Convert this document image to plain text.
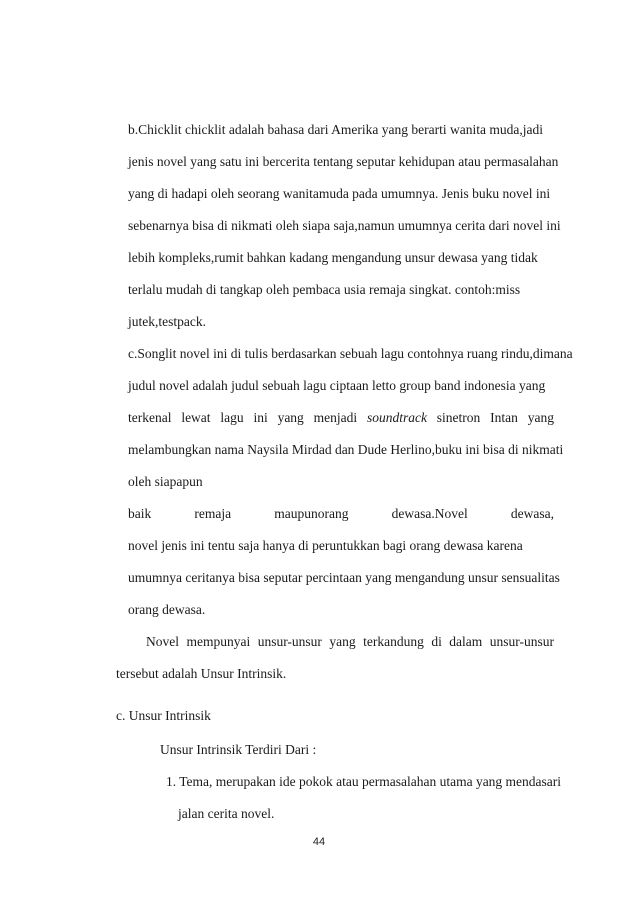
b.Chicklit chicklit adalah bahasa dari Amerika yang berarti wanita muda,jadi
jenis novel yang satu ini bercerita tentang seputar kehidupan atau permasalahan
yang di hadapi oleh seorang wanitamuda pada umumnya. Jenis buku novel ini
sebenarnya bisa di nikmati oleh siapa saja,namun umumnya cerita dari novel ini
lebih kompleks,rumit bahkan kadang mengandung unsur dewasa yang tidak
terlalu mudah di tangkap oleh pembaca usia remaja singkat. contoh:miss
jutek,testpack.
c.Songlit novel ini di tulis berdasarkan sebuah lagu contohnya ruang rindu,dimana
judul novel adalah judul sebuah lagu ciptaan letto group band indonesia yang
terkenal lewat lagu ini yang menjadi soundtrack sinetron Intan yang
melambungkan nama Naysila Mirdad dan Dude Herlino,buku ini bisa di nikmati
oleh siapapun
baik	remaja	maupunorang	dewasa.Novel	dewasa,
novel jenis ini tentu saja hanya di peruntukkan bagi orang dewasa karena
umumnya ceritanya bisa seputar percintaan yang mengandung unsur sensualitas
orang dewasa.
Novel mempunyai unsur-unsur yang terkandung di dalam unsur-unsur
tersebut adalah Unsur Intrinsik.
c. Unsur Intrinsik
Unsur Intrinsik Terdiri Dari :
1. Tema, merupakan ide pokok atau permasalahan utama yang mendasari
jalan cerita novel.
44
